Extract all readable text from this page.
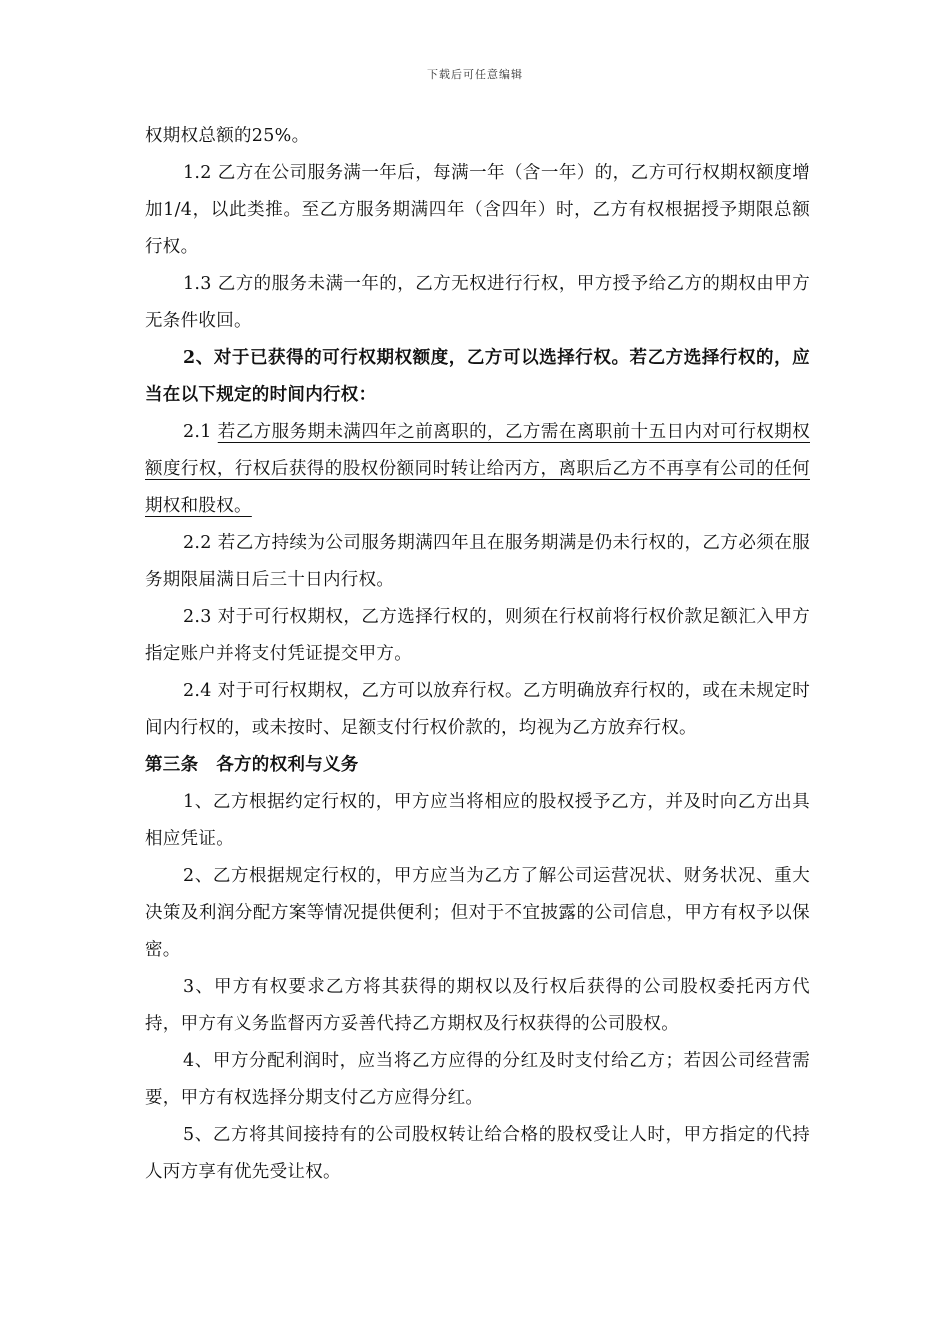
下载后可任意编辑

权期权总额的25%。

1.2 乙方在公司服务满一年后，每满一年（含一年）的，乙方可行权期权额度增加1/4，以此类推。至乙方服务期满四年（含四年）时，乙方有权根据授予期限总额行权。

1.3 乙方的服务未满一年的，乙方无权进行行权，甲方授予给乙方的期权由甲方无条件收回。

2、对于已获得的可行权期权额度，乙方可以选择行权。若乙方选择行权的，应当在以下规定的时间内行权：

2.1 若乙方服务期未满四年之前离职的，乙方需在离职前十五日内对可行权期权额度行权，行权后获得的股权份额同时转让给丙方，离职后乙方不再享有公司的任何期权和股权。

2.2 若乙方持续为公司服务期满四年且在服务期满是仍未行权的，乙方必须在服务期限届满日后三十日内行权。

2.3 对于可行权期权，乙方选择行权的，则须在行权前将行权价款足额汇入甲方指定账户并将支付凭证提交甲方。

2.4 对于可行权期权，乙方可以放弃行权。乙方明确放弃行权的，或在未规定时间内行权的，或未按时、足额支付行权价款的，均视为乙方放弃行权。

第三条　各方的权利与义务

1、乙方根据约定行权的，甲方应当将相应的股权授予乙方，并及时向乙方出具相应凭证。

2、乙方根据规定行权的，甲方应当为乙方了解公司运营况状、财务状况、重大决策及利润分配方案等情况提供便利；但对于不宜披露的公司信息，甲方有权予以保密。

3、甲方有权要求乙方将其获得的期权以及行权后获得的公司股权委托丙方代持，甲方有义务监督丙方妥善代持乙方期权及行权获得的公司股权。

4、甲方分配利润时，应当将乙方应得的分红及时支付给乙方；若因公司经营需要，甲方有权选择分期支付乙方应得分红。

5、乙方将其间接持有的公司股权转让给合格的股权受让人时，甲方指定的代持人丙方享有优先受让权。
